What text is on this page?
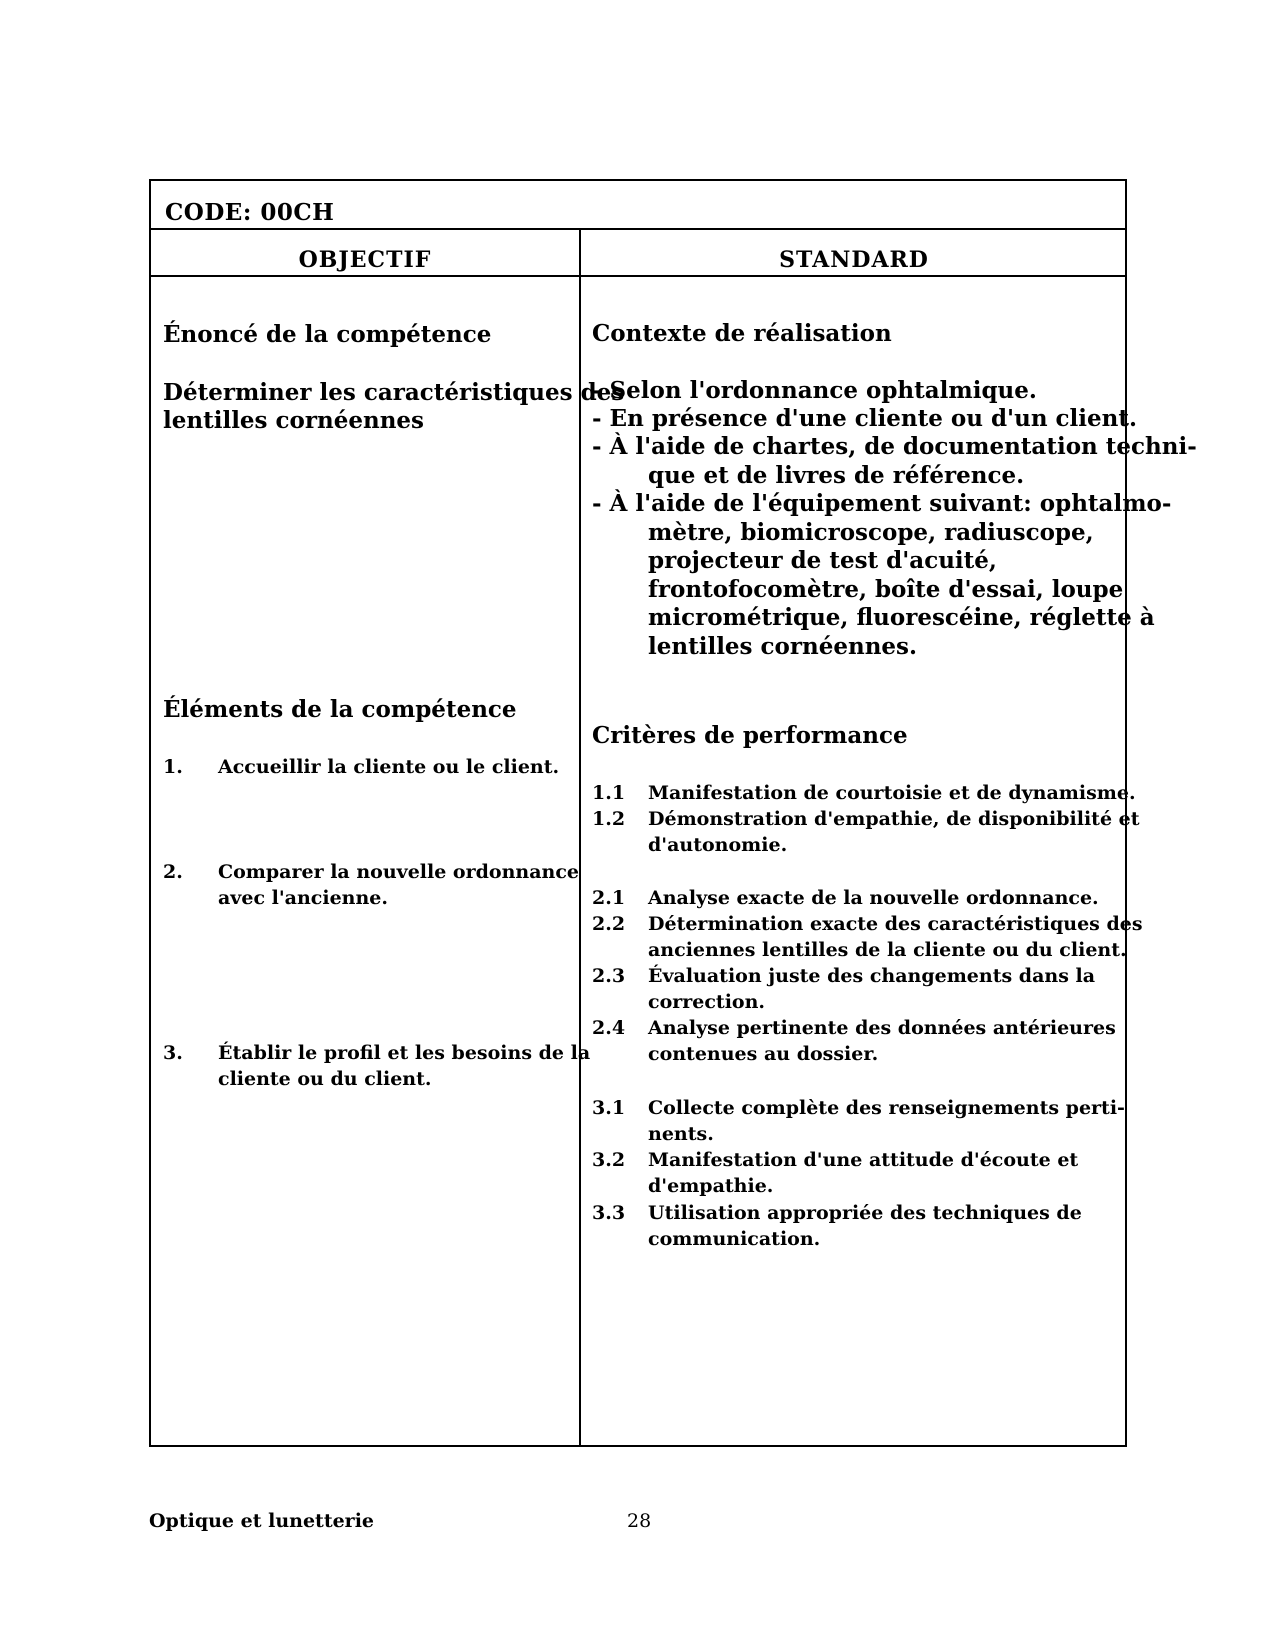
CODE: 00CH
OBJECTIF	STANDARD
Énoncé de la compétence
Déterminer les caractéristiques des
lentilles cornéennes
Éléments de la compétence
1. Accueillir la cliente ou le client.
2. Comparer la nouvelle ordonnance
avec l'ancienne.
3. Établir le profil et les besoins de la
cliente ou du client.
Contexte de réalisation
- Selon l'ordonnance ophtalmique.
- En présence d'une cliente ou d'un client.
- À l'aide de chartes, de documentation techni-
que et de livres de référence.
- À l'aide de l'équipement suivant: ophtalmo-
mètre, biomicroscope, radiuscope,
projecteur de test d'acuité,
frontofocomètre, boîte d'essai, loupe
micrométrique, fluorescéine, réglette à
lentilles cornéennes.
Critères de performance
1.1 Manifestation de courtoisie et de dynamisme.
1.2 Démonstration d'empathie, de disponibilité et
d'autonomie.
2.1 Analyse exacte de la nouvelle ordonnance.
2.2 Détermination exacte des caractéristiques des
anciennes lentilles de la cliente ou du client.
2.3 Évaluation juste des changements dans la
correction.
2.4 Analyse pertinente des données antérieures
contenues au dossier.
3.1 Collecte complète des renseignements perti-
nents.
3.2 Manifestation d'une attitude d'écoute et
d'empathie.
3.3 Utilisation appropriée des techniques de
communication.
Optique et lunetterie	28
